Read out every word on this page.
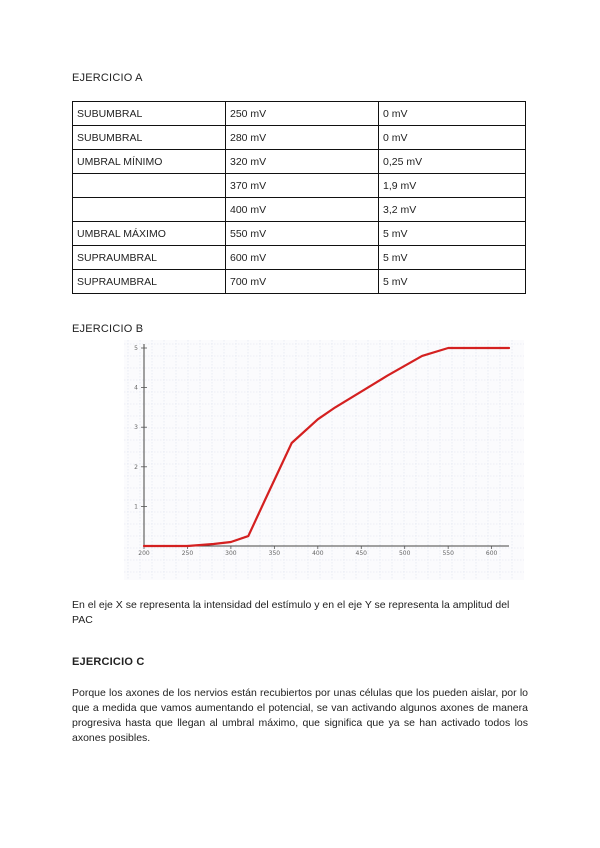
EJERCICIO A
SUBUMBRAL	250 mV	0 mV
SUBUMBRAL	280 mV	0 mV
UMBRAL MÍNIMO	320 mV	0,25 mV
	370 mV	1,9 mV
	400 mV	3,2 mV
UMBRAL MÁXIMO	550 mV	5 mV
SUPRAUMBRAL	600 mV	5 mV
SUPRAUMBRAL	700 mV	5 mV
EJERCICIO B
200	250	300	350	400	450	500	550	600
1
2
3
4
5
En el eje X se representa la intensidad del estímulo y en el eje Y se representa la amplitud del PAC
EJERCICIO C
Porque los axones de los nervios están recubiertos por unas células que los pueden aislar, por lo que a medida que vamos aumentando el potencial, se van activando algunos axones de manera progresiva hasta que llegan al umbral máximo, que significa que ya se han activado todos los axones posibles.
